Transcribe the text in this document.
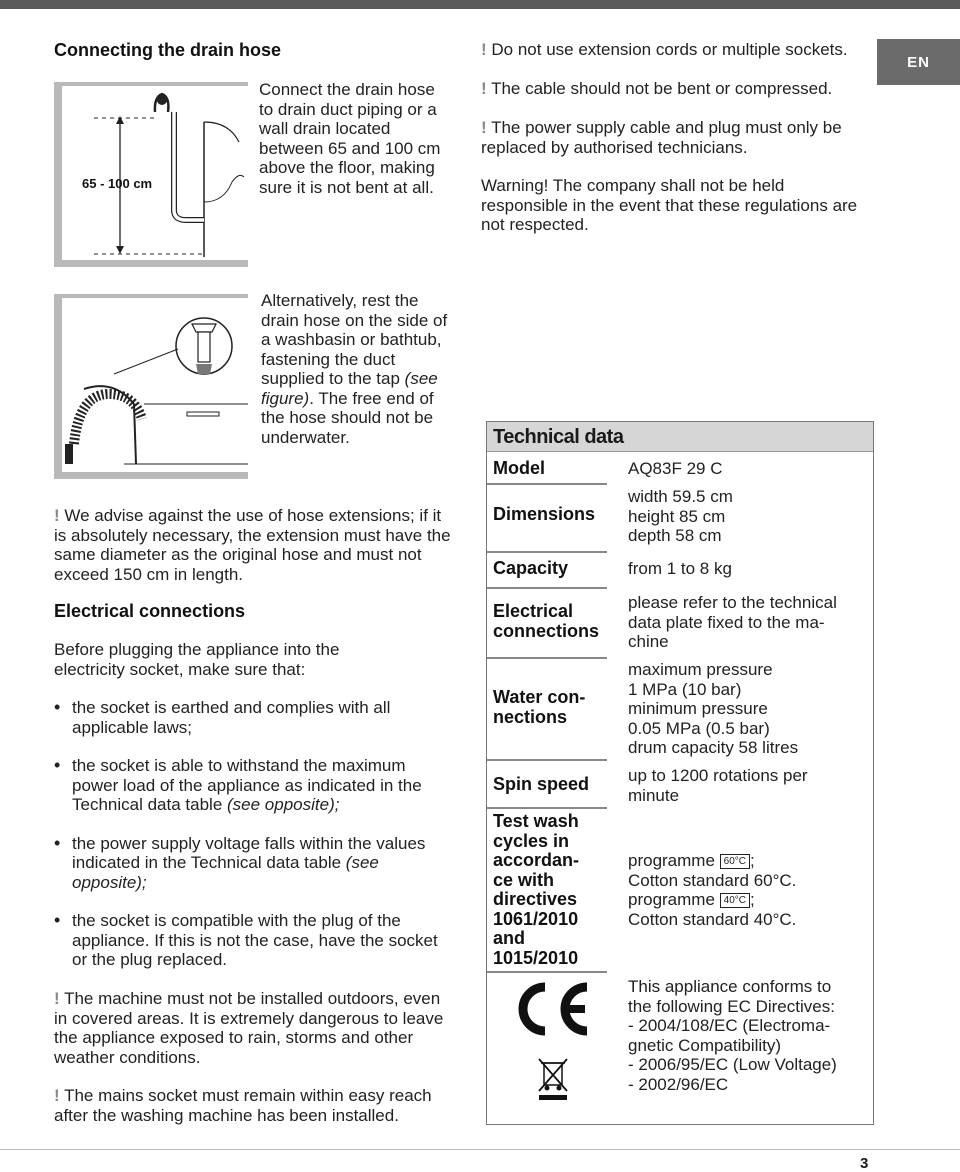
EN
Connecting the drain hose
65 - 100 cm
Connect the drain hose to drain duct piping or a wall drain located between 65 and 100 cm above the floor, making sure it is not bent at all.
Alternatively, rest the drain hose on the side of a washbasin or bathtub, fastening the duct supplied to the tap (see figure). The free end of the hose should not be underwater.
! We advise against the use of hose extensions; if it is absolutely necessary, the extension must have the same diameter as the original hose and must not exceed 150 cm in length.
Electrical connections
Before plugging the appliance into the electricity socket, make sure that:
• the socket is earthed and complies with all applicable laws;
• the socket is able to withstand the maximum power load of the appliance as indicated in the Technical data table (see opposite);
• the power supply voltage falls within the values indicated in the Technical data table (see opposite);
• the socket is compatible with the plug of the appliance. If this is not the case, have the socket or the plug replaced.
! The machine must not be installed outdoors, even in covered areas. It is extremely dangerous to leave the appliance exposed to rain, storms and other weather conditions.
! The mains socket must remain within easy reach after the washing machine has been installed.
! Do not use extension cords or multiple sockets.
! The cable should not be bent or compressed.
! The power supply cable and plug must only be replaced by authorised technicians.
Warning! The company shall not be held responsible in the event that these regulations are not respected.
Technical data
Model	AQ83F 29 C
Dimensions
width 59.5 cm
height 85 cm
depth 58 cm
Capacity	from 1 to 8 kg
Electrical
connections
please refer to the technical
data plate fixed to the ma-
chine
Water con-
nections
maximum pressure
1 MPa (10 bar)
minimum pressure
0.05 MPa (0.5 bar)
drum capacity 58 litres
Spin speed up to 1200 rotations per
minute
Test wash
cycles in
accordan-
ce with
directives
1061/2010
and
1015/2010
programme 60°C ;
Cotton standard 60°C.
programme 40°C ;
Cotton standard 40°C.
This appliance conforms to
the following EC Directives:
- 2004/108/EC (Electroma-
gnetic Compatibility)
- 2006/95/EC (Low Voltage)
- 2002/96/EC
3
